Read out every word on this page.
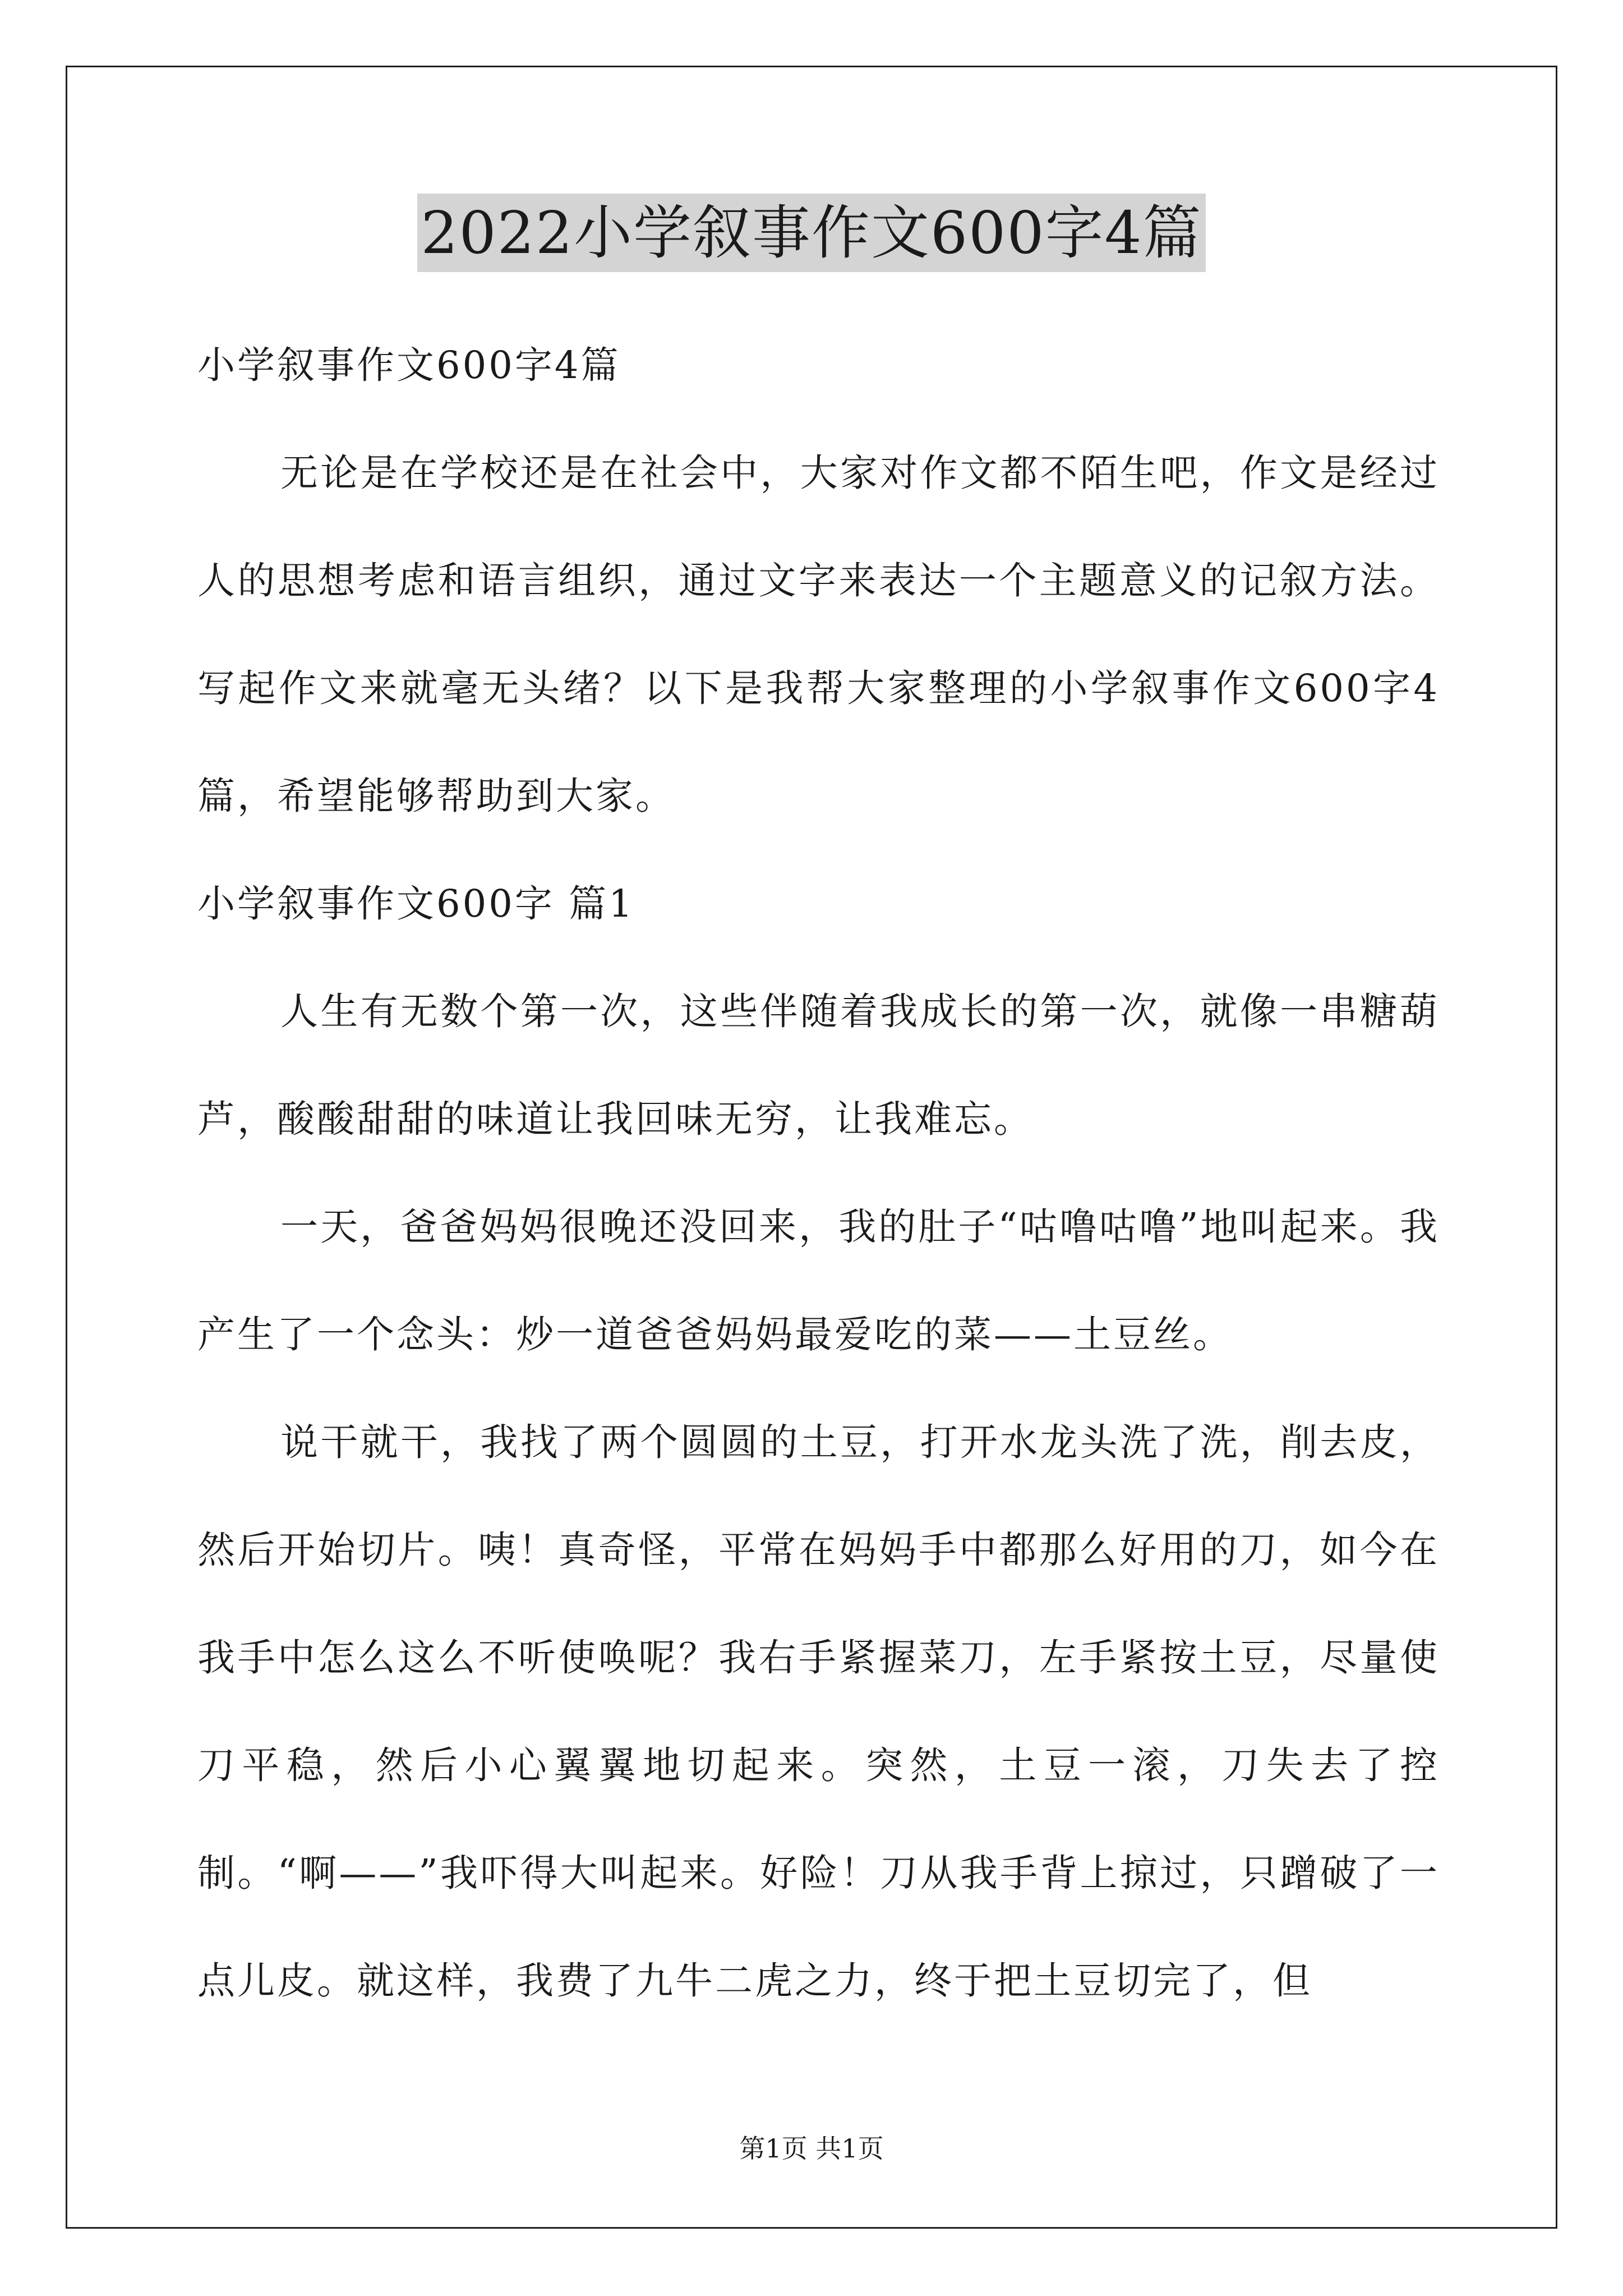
2022小学叙事作文600字4篇

小学叙事作文600字4篇

无论是在学校还是在社会中，大家对作文都不陌生吧，作文是经过人的思想考虑和语言组织，通过文字来表达一个主题意义的记叙方法。写起作文来就毫无头绪？以下是我帮大家整理的小学叙事作文600字4篇，希望能够帮助到大家。

小学叙事作文600字 篇1

人生有无数个第一次，这些伴随着我成长的第一次，就像一串糖葫芦，酸酸甜甜的味道让我回味无穷，让我难忘。

一天，爸爸妈妈很晚还没回来，我的肚子“咕噜咕噜”地叫起来。我产生了一个念头：炒一道爸爸妈妈最爱吃的菜——土豆丝。

说干就干，我找了两个圆圆的土豆，打开水龙头洗了洗，削去皮，然后开始切片。咦！真奇怪，平常在妈妈手中都那么好用的刀，如今在我手中怎么这么不听使唤呢？我右手紧握菜刀，左手紧按土豆，尽量使刀平稳，然后小心翼翼地切起来。突然，土豆一滚，刀失去了控制。“啊——”我吓得大叫起来。好险！刀从我手背上掠过，只蹭破了一点儿皮。就这样，我费了九牛二虎之力，终于把土豆切完了，但

第1页 共1页
